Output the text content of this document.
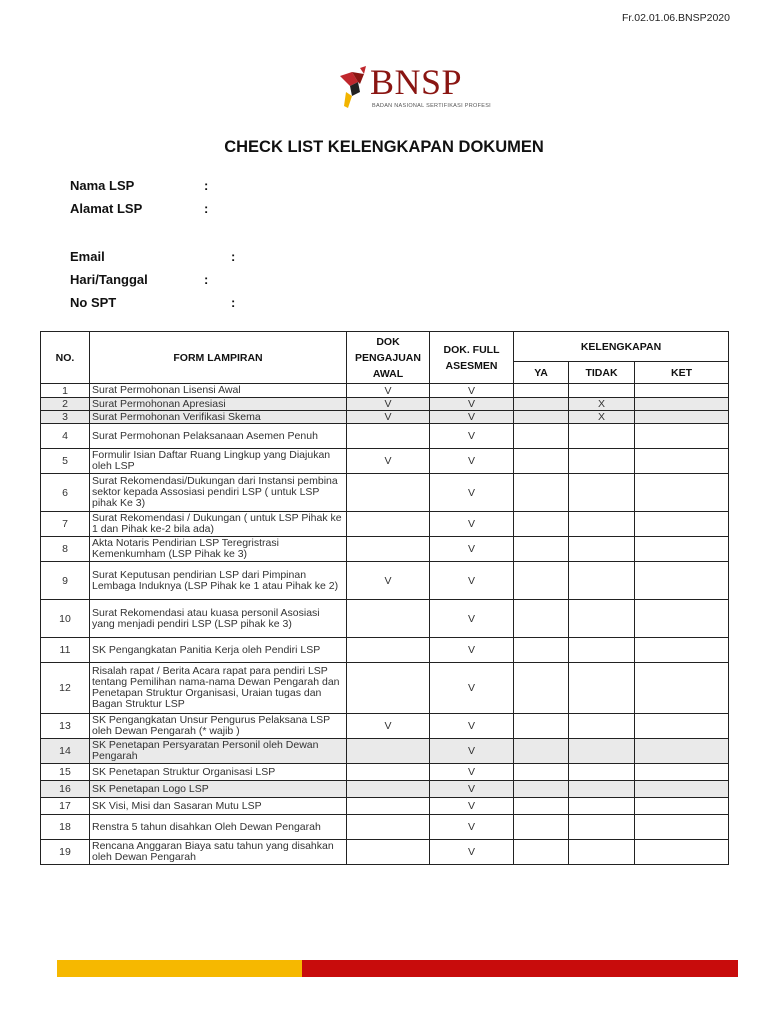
Fr.02.01.06.BNSP2020
BNSP
BADAN NASIONAL SERTIFIKASI PROFESI
CHECK LIST KELENGKAPAN DOKUMEN
Nama LSP	:
Alamat LSP	:
Email	:
Hari/Tanggal	:
No SPT	:
NO.	FORM LAMPIRAN	DOK PENGAJUAN AWAL	DOK. FULL ASESMEN	KELENGKAPAN		
				YA	TIDAK	KET
1	Surat Permohonan Lisensi Awal	V	V			
2	Surat Permohonan Apresiasi	V	V		X	
3	Surat Permohonan Verifikasi Skema	V	V		X	
4	Surat Permohonan Pelaksanaan Asemen Penuh		V			
5	Formulir Isian Daftar Ruang Lingkup yang Diajukan oleh LSP	V	V			
6	Surat Rekomendasi/Dukungan dari Instansi pembina sektor kepada Assosiasi pendiri LSP ( untuk LSP pihak Ke 3)		V			
7	Surat Rekomendasi / Dukungan ( untuk LSP Pihak ke 1 dan Pihak ke-2 bila ada)		V			
8	Akta Notaris Pendirian LSP Teregristrasi Kemenkumham (LSP Pihak ke 3)		V			
9	Surat Keputusan pendirian LSP dari Pimpinan Lembaga Induknya (LSP Pihak ke 1 atau Pihak ke 2)	V	V			
10	Surat Rekomendasi atau kuasa personil Asosiasi yang menjadi pendiri LSP (LSP pihak ke 3)		V			
11	SK Pengangkatan Panitia Kerja oleh Pendiri LSP		V			
12	Risalah rapat / Berita Acara rapat para pendiri LSP tentang Pemilihan nama-nama Dewan Pengarah dan Penetapan Struktur Organisasi, Uraian tugas dan Bagan Struktur LSP		V			
13	SK Pengangkatan Unsur Pengurus Pelaksana LSP oleh Dewan Pengarah (* wajib )	V	V			
14	SK Penetapan Persyaratan Personil oleh Dewan Pengarah		V			
15	SK Penetapan Struktur Organisasi LSP		V			
16	SK Penetapan Logo LSP		V			
17	SK Visi, Misi dan Sasaran Mutu LSP		V			
18	Renstra 5 tahun disahkan Oleh Dewan Pengarah		V			
19	Rencana Anggaran Biaya satu tahun yang disahkan oleh Dewan Pengarah		V			
